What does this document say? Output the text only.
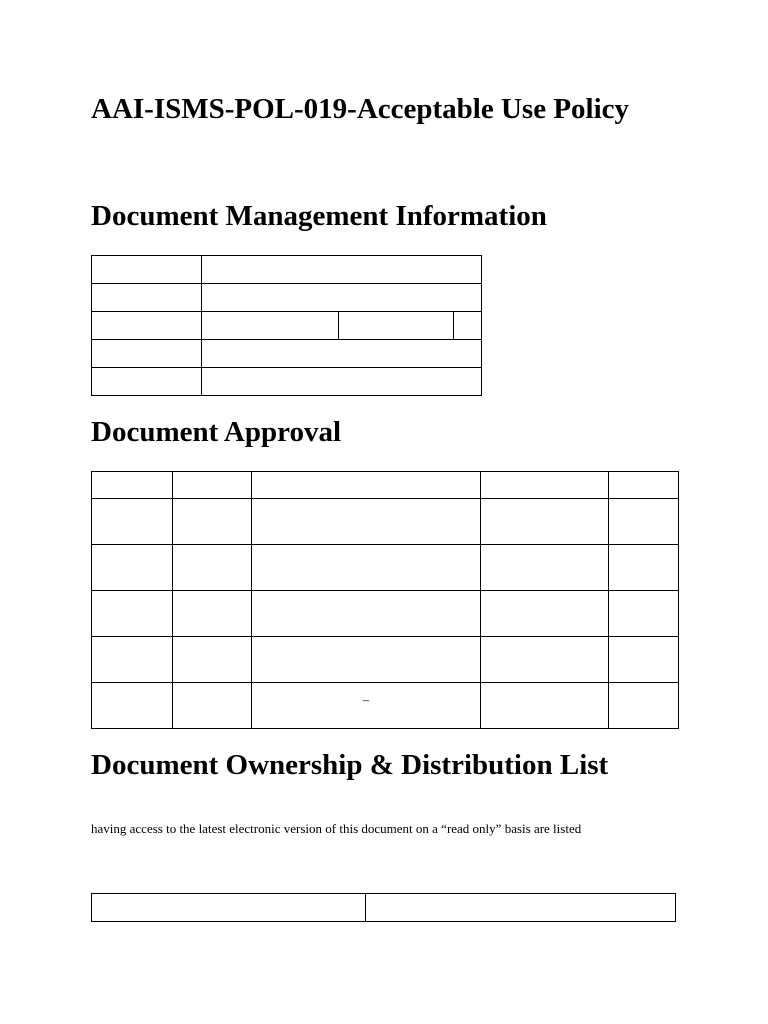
AAI-ISMS-POL-019-Acceptable Use Policy
Document Management Information

Document Approval

		–		
Document Ownership & Distribution List
having access to the latest electronic version of this document on a “read only” basis are listed
